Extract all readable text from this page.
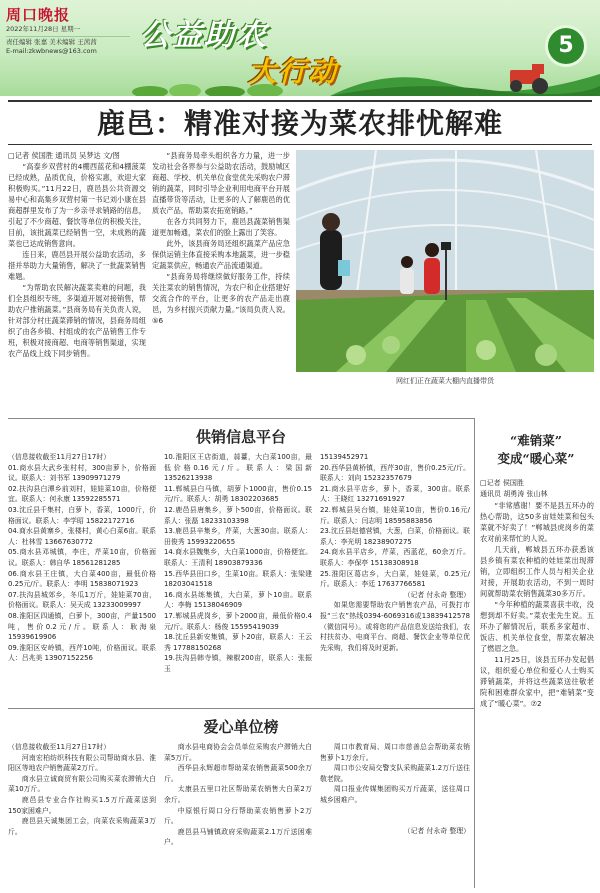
周口晚报
2022年11月28日 星期一
责任编辑 张嘉 美术编辑 王茜茜
E-mail:zkwbnews@163.com	公益助农
大行动
5
鹿邑：精准对接为菜农排忧解难
□记者 侯国胜 通讯员 吴梦达 文/图

“高泰乡双营村的4棚西蓝花和4棚菠菜已经成熟，品质优良，价格实惠，欢迎大家积极购买。”11月22日，鹿邑县公共资源交易中心和高集乡双营村第一书记刘小康在县商超群里发布了为一乡亲寻求销路的信息，引起了不少商超、餐饮等单位的积极关注，目前，该批蔬菜已经销售一空，未成熟的蔬菜也已达成销售意向。

连日来，鹿邑县开展公益助农活动，多措并举助力大量销售，解决了一批蔬菜销售难题。

“为帮助农民解决蔬菜卖难的问题，我们全县组织专班，多渠道开展对接销售，帮助农户推销蔬菜。”县商务局有关负责人说，针对部分村庄蔬菜滞销的情况，县商务局组织了由各乡镇、村组成的农产品销售工作专班，积极对接商超、电商等销售渠道，实现农产品线上线下同步销售。

“县商务局牵头组织各方力量，进一步发动社会各界参与公益助农活动，鼓励城区商超、学校、机关单位食堂优先采购农户滞销的蔬菜，同时引导企业利用电商平台开展直播带货等活动，让更多的人了解鹿邑的优质农产品，帮助菜农拓宽销路。”

在各方共同努力下，鹿邑县蔬菜销售渠道更加畅通，菜农们的脸上露出了笑容。

此外，该县商务局还组织蔬菜产品应急保供运销主体直接采购本地蔬菜，进一步稳定蔬菜供应，畅通农产品流通渠道。

“县商务局将继续做好服务工作，持续关注菜农的销售情况，为农户和企业搭建好交流合作的平台，让更多的农产品走出鹿邑，为乡村振兴贡献力量。”该局负责人说。⑤6

网红们正在蔬菜大棚内直播带货
供销信息平台
（信息接收截至11月27日17时）
01.商水县大武乡张村村，300亩萝卜，价格面议。联系人：刘书军 13909971279
02.扶沟县白潭乡前刘村，娃娃菜10亩，价格便宜。联系人：何永康 13592285571
03.沈丘县千集村，白萝卜，香菜，1000斤，价格面议。联系人：李学昭 15822172716
04.商水县黄寨乡，张楼村，黄心白菜6亩。联系人：杜林雪 13667630772
05.商水县邓城镇，李庄，芹菜10亩，价格面议。联系人：韩自华 18561281285
06.商水县王庄镇，大白菜400亩，最低价格0.25元/斤。联系人：李明 15838071923
07.扶沟县城郊乡，冬瓜1万斤，娃娃菜70亩，价格面议。联系人：吴天成 13233009997
08.淮阳区四通镇，白萝卜，300亩，产量1500吨，售价0.2元/斤。联系人：耿海泉 15939619906
09.淮阳区安岭镇，西芹10吨，价格面议。联系人：吕兆美 13907152256
10.淮阳区王店街道，蒜薹，大白菜100亩，最低价格0.16元/斤。联系人：梁国新 13526213938
11.郸城县白马镇，胡萝卜1000亩，售价0.15元/斤。联系人：胡勇 18302203685
12.鹿邑县唐集乡，萝卜500亩，价格面议。联系人：张磊 18233103398
13.鹿邑县辛集乡，芹菜，大葱30亩。联系人：田俊秀 15993220655
14.商水县魏集乡，大白菜1000亩，价格便宜。联系人：王清利 18903879336
15.西华县田口乡，生菜10亩。联系人：张梁建 18203041518
16.商水县练集镇，大白菜，萝卜10亩。联系人：李梅 15138046909
17.郸城县虎岗乡，萝卜2000亩，最低价格0.4元/斤。联系人：杨俊 15595419039
18.沈丘县新安集镇，萝卜20亩，联系人：王云秀 17788150268
19.扶沟县韩寺镇，辣椒200亩，联系人：张振玉
15139452971
20.西华县黄桥镇，西芹30亩，售价0.25元/斤。联系人：刘向 15232357679
21.商水县平店乡，萝卜，香菜，300亩。联系人：王晓红 13271691927
22.郸城县吴台镇，娃娃菜10亩，售价0.16元/斤。联系人：闫志明 18595883856
23.沈丘县赵德营镇，大葱，白菜，价格面议。联系人：李光明 18238907275
24.商水县平店乡，芹菜，西蓝花，60余万斤。联系人：李保亭 15138308918
25.淮阳区葛店乡，大白菜，娃娃菜，0.25元/斤。联系人：李廷 17637766581
（记者 付永奇 整理）

如果您需要帮助农户销售农产品，可拨打市报“三农”热线0394-6069316或13839412578（微信同号）。或将您的产品信息发送给我们，农村扶贫办、电商平台、商超、餐饮企业等单位优先采购，我们将及时更新。

爱心单位榜
（信息接收截至11月27日17时）

河南宏柏纺织科技有限公司帮助商水县、淮阳区等地农户销售蔬菜2万斤。

商水县立诚商贸有限公司购买菜农滞销大白菜10万斤。

鹿邑县专业合作社购买1.5万斤蔬菜送到150家困难户。

鹿邑县天诚集团工会，向菜农采购蔬菜3万斤。

商水县电商协会会员单位采购农户滞销大白菜5万斤。

西华县永辉超市帮助菜农销售蔬菜500余万斤。

太康县五里口社区帮助菜农销售大白菜2万余斤。

中原银行周口分行帮助菜农销售萝卜2万斤。

鹿邑县马铺镇政府采购蔬菜2.1万斤送困难户。

周口市教育局、周口市慈善总会帮助菜农销售萝卜1万余斤。

周口市公安局交警支队采购蔬菜1.2万斤送往敬老院。

周口报业传媒集团购买万斤蔬菜，送往周口城乡困难户。

（记者 付永奇 整理）
“难销菜”
变成“暖心菜”
□记者 侯国胜
通讯员 胡勇涛 张山林

“非常感谢！要不是县五环办的热心帮助，这50多亩娃娃菜和包头菜就不好卖了！”郸城县虎岗乡的菜农对前来帮忙的人说。

几天前，郸城县五环办获悉该县乡镇有菜农种植的娃娃菜出现滞销，立即组织工作人员与相关企业对接，开展助农活动，不到一周时间就帮助菜农销售蔬菜30多万斤。

“今年种植的蔬菜喜获丰收，没想到却不好卖。”菜农张先生说。五环办了解情况后，联系多家超市、饭店、机关单位食堂，帮菜农解决了燃眉之急。

11月25日，该县五环办发起倡议，组织爱心单位和爱心人士购买滞销蔬菜，并将这些蔬菜送往敬老院和困难群众家中，把“难销菜”变成了“暖心菜”。⑦2
